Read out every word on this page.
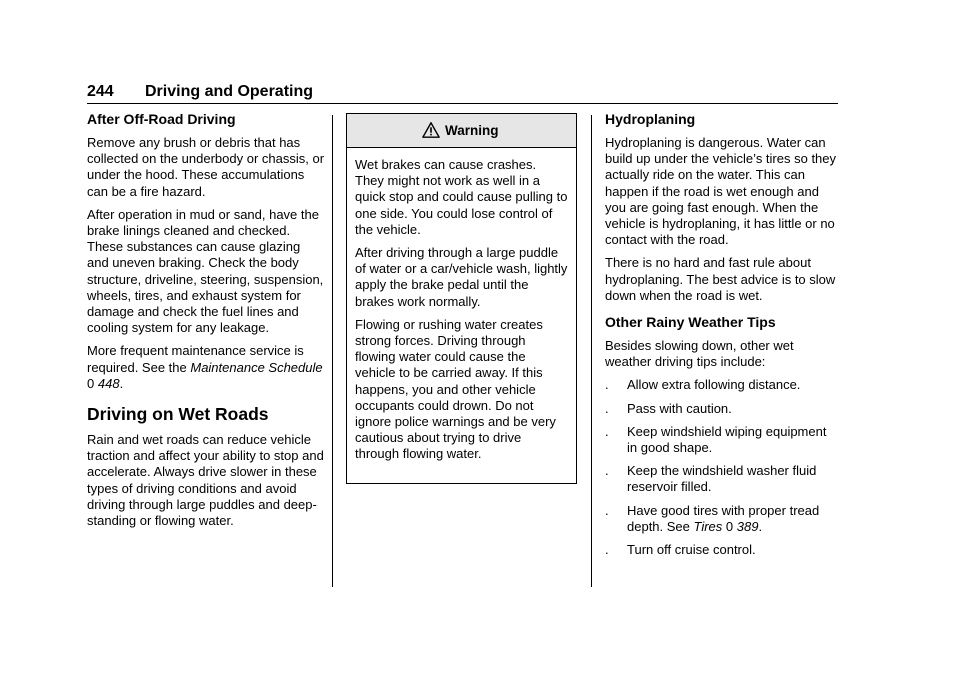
244 Driving and Operating
After Off-Road Driving

Remove any brush or debris that has collected on the underbody or chassis, or under the hood. These accumulations can be a fire hazard.

After operation in mud or sand, have the brake linings cleaned and checked. These substances can cause glazing and uneven braking. Check the body structure, driveline, steering, suspension, wheels, tires, and exhaust system for damage and check the fuel lines and cooling system for any leakage.

More frequent maintenance service is required. See the Maintenance Schedule 0 448.

Driving on Wet Roads

Rain and wet roads can reduce vehicle traction and affect your ability to stop and accelerate. Always drive slower in these types of driving conditions and avoid driving through large puddles and deep-standing or flowing water.

Warning

Wet brakes can cause crashes. They might not work as well in a quick stop and could cause pulling to one side. You could lose control of the vehicle.

After driving through a large puddle of water or a car/vehicle wash, lightly apply the brake pedal until the brakes work normally.

Flowing or rushing water creates strong forces. Driving through flowing water could cause the vehicle to be carried away. If this happens, you and other vehicle occupants could drown. Do not ignore police warnings and be very cautious about trying to drive through flowing water.

Hydroplaning

Hydroplaning is dangerous. Water can build up under the vehicle’s tires so they actually ride on the water. This can happen if the road is wet enough and you are going fast enough. When the vehicle is hydroplaning, it has little or no contact with the road.

There is no hard and fast rule about hydroplaning. The best advice is to slow down when the road is wet.

Other Rainy Weather Tips

Besides slowing down, other wet weather driving tips include:

. Allow extra following distance.
. Pass with caution.
. Keep windshield wiping equipment in good shape.
. Keep the windshield washer fluid reservoir filled.
. Have good tires with proper tread depth. See Tires 0 389.
. Turn off cruise control.
